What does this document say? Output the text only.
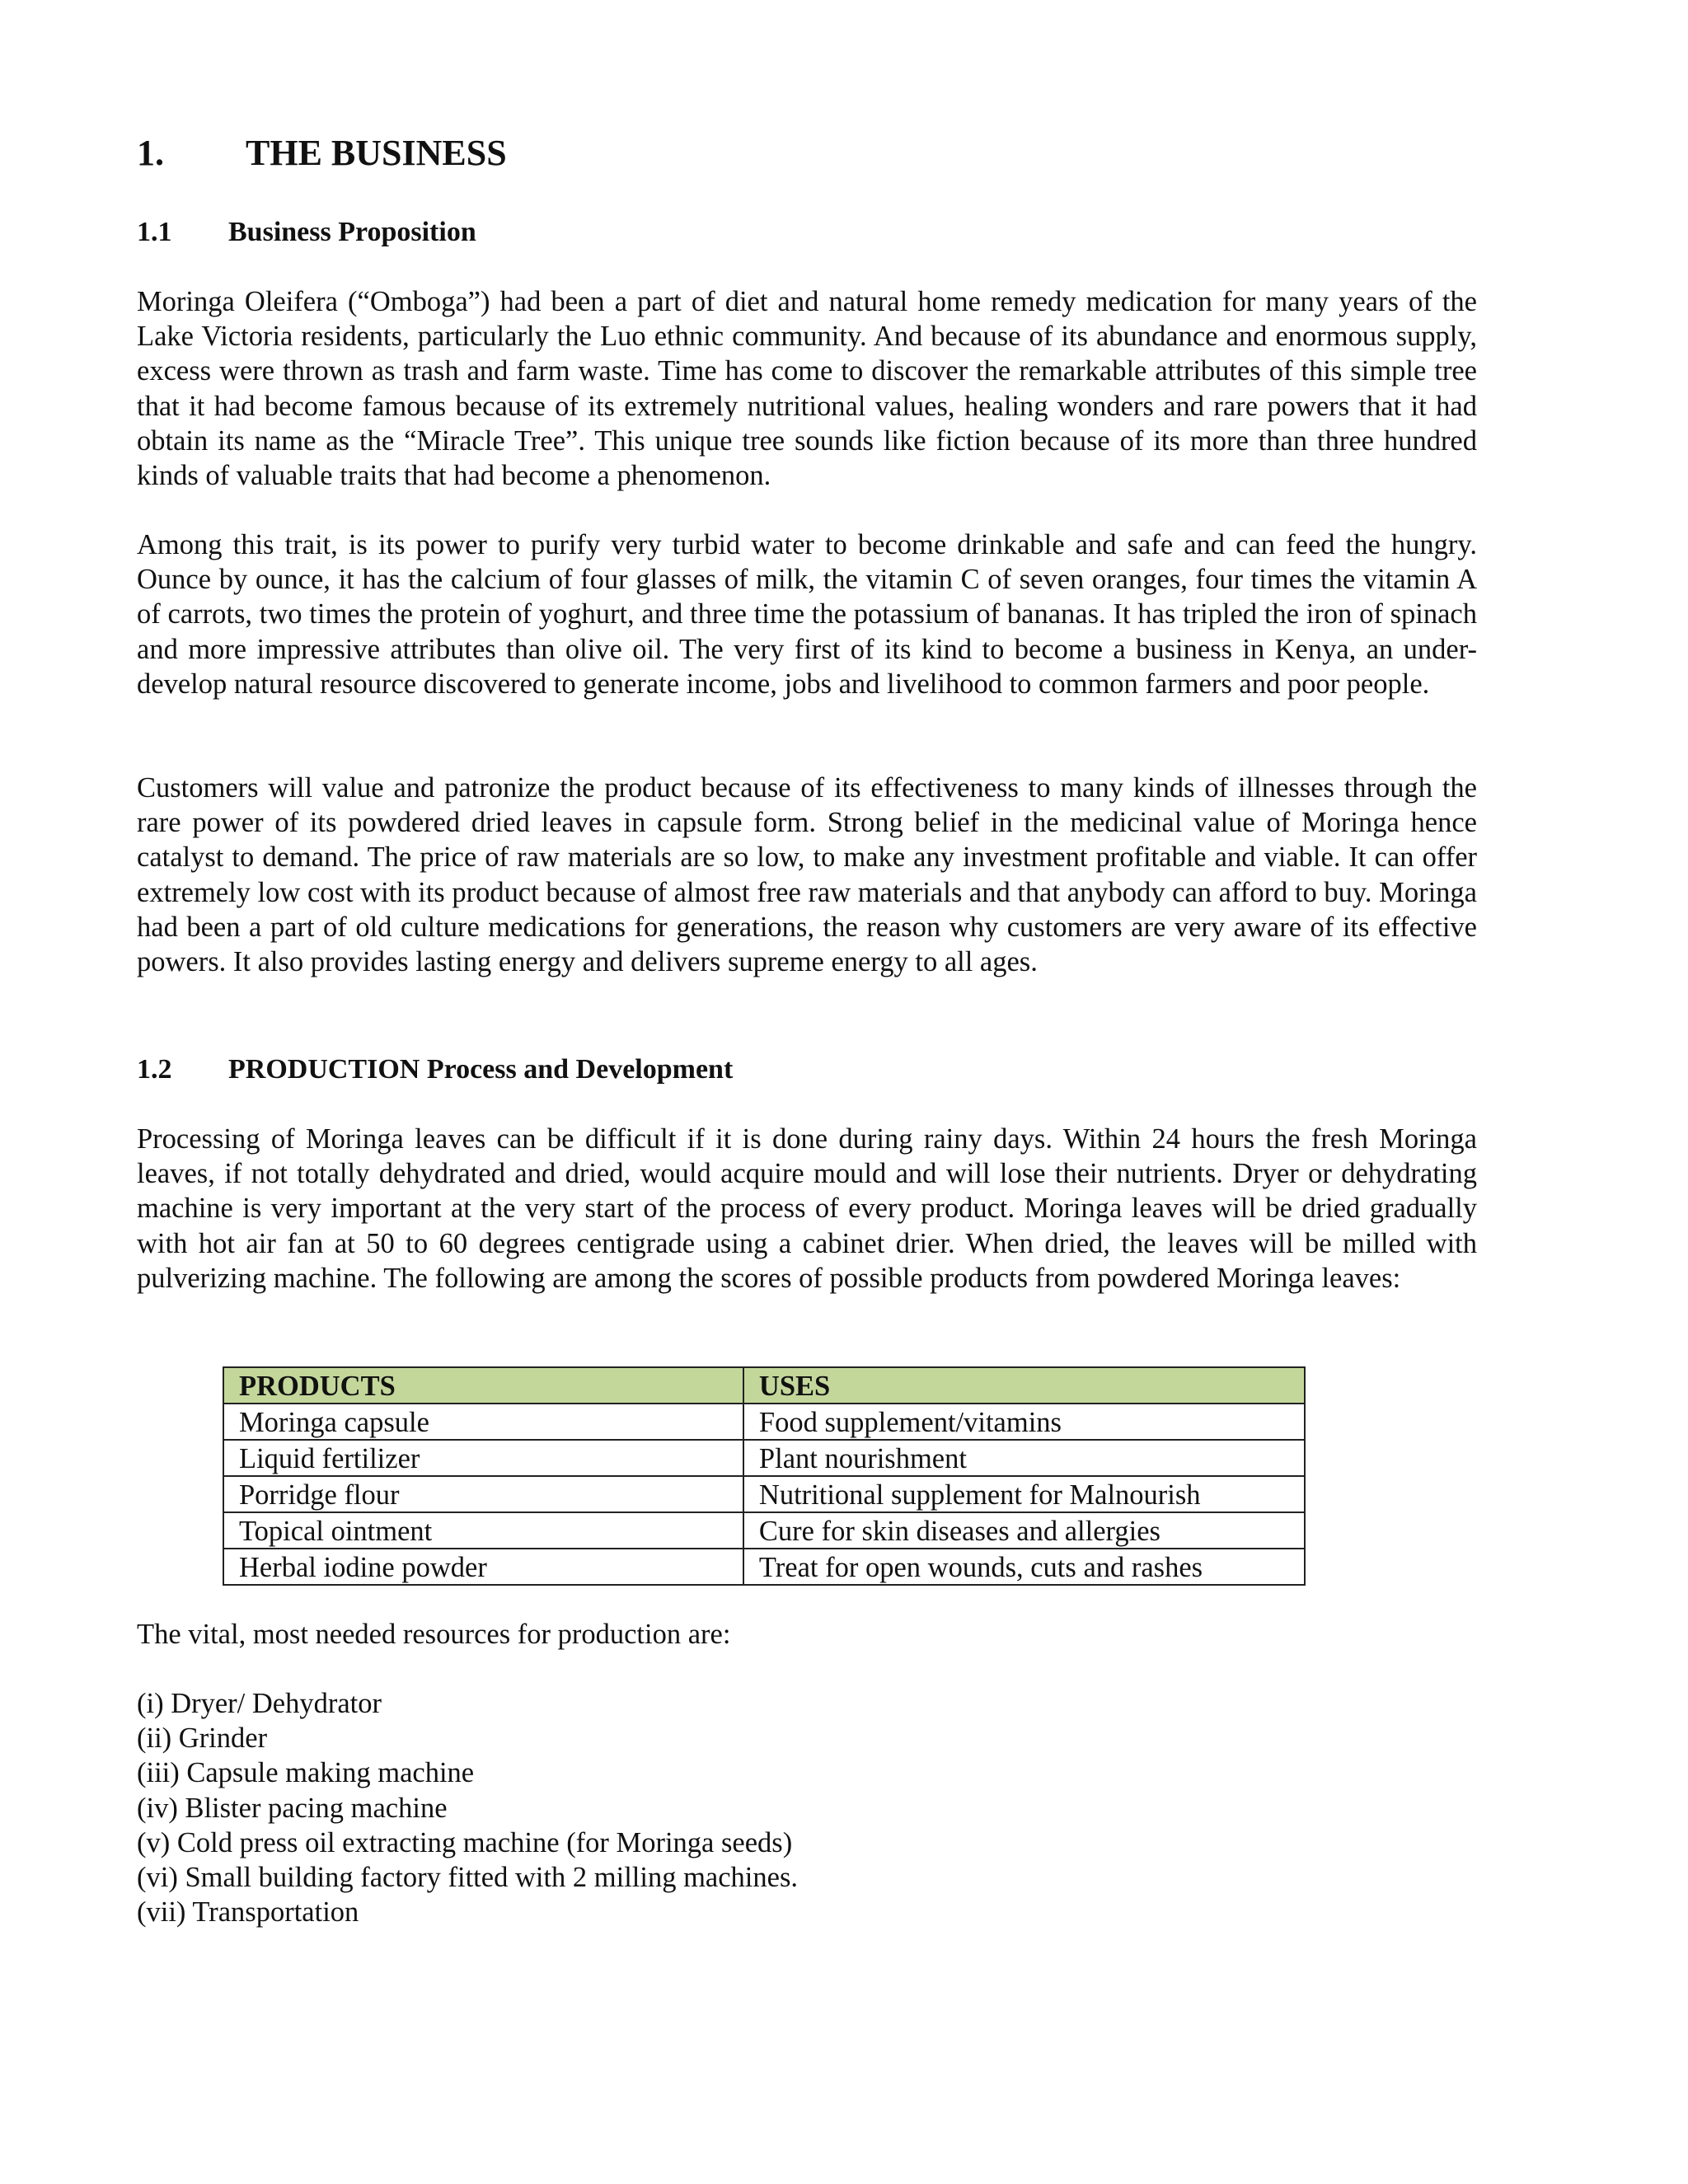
1. THE BUSINESS
1.1 Business Proposition

Moringa Oleifera (“Omboga”) had been a part of diet and natural home remedy medication for many years of the Lake Victoria residents, particularly the Luo ethnic community. And because of its abundance and enormous supply, excess were thrown as trash and farm waste. Time has come to discover the remarkable attributes of this simple tree that it had become famous because of its extremely nutritional values, healing wonders and rare powers that it had obtain its name as the “Miracle Tree”. This unique tree sounds like fiction because of its more than three hundred kinds of valuable traits that had become a phenomenon.

Among this trait, is its power to purify very turbid water to become drinkable and safe and can feed the hungry. Ounce by ounce, it has the calcium of four glasses of milk, the vitamin C of seven oranges, four times the vitamin A of carrots, two times the protein of yoghurt, and three time the potassium of bananas. It has tripled the iron of spinach and more impressive attributes than olive oil. The very first of its kind to become a business in Kenya, an under-develop natural resource discovered to generate income, jobs and livelihood to common farmers and poor people.

Customers will value and patronize the product because of its effectiveness to many kinds of illnesses through the rare power of its powdered dried leaves in capsule form. Strong belief in the medicinal value of Moringa hence catalyst to demand. The price of raw materials are so low, to make any investment profitable and viable. It can offer extremely low cost with its product because of almost free raw materials and that anybody can afford to buy. Moringa had been a part of old culture medications for generations, the reason why customers are very aware of its effective powers. It also provides lasting energy and delivers supreme energy to all ages.

1.2 PRODUCTION Process and Development

Processing of Moringa leaves can be difficult if it is done during rainy days. Within 24 hours the fresh Moringa leaves, if not totally dehydrated and dried, would acquire mould and will lose their nutrients. Dryer or dehydrating machine is very important at the very start of the process of every product. Moringa leaves will be dried gradually with hot air fan at 50 to 60 degrees centigrade using a cabinet drier. When dried, the leaves will be milled with pulverizing machine. The following are among the scores of possible products from powdered Moringa leaves:

PRODUCTS	USES
Moringa capsule	Food supplement/vitamins
Liquid fertilizer	Plant nourishment
Porridge flour	Nutritional supplement for Malnourish
Topical ointment	Cure for skin diseases and allergies
Herbal iodine powder	Treat for open wounds, cuts and rashes

The vital, most needed resources for production are:

(i) Dryer/ Dehydrator
(ii) Grinder
(iii) Capsule making machine
(iv) Blister pacing machine
(v) Cold press oil extracting machine (for Moringa seeds)
(vi) Small building factory fitted with 2 milling machines.
(vii) Transportation
